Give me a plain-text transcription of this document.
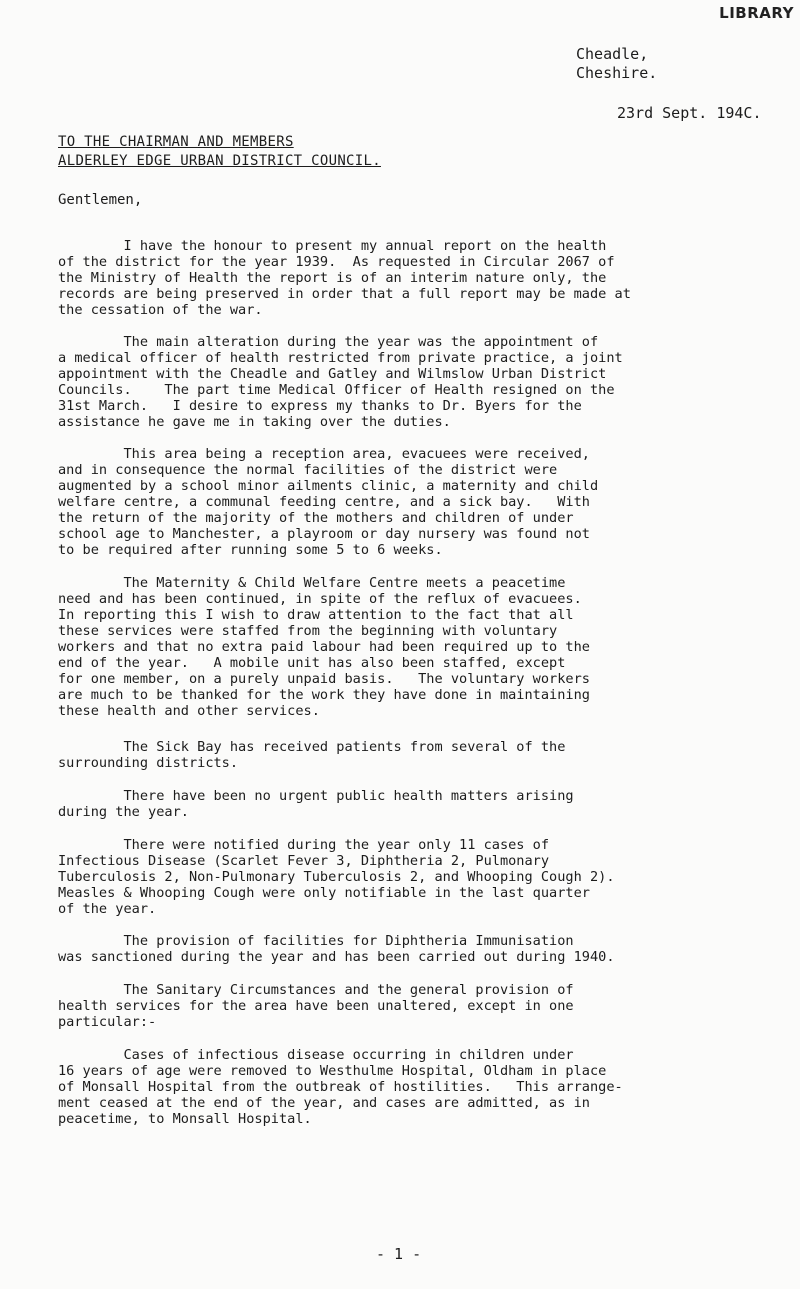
LIBRARY
Cheadle,
Cheshire.
23rd Sept. 194C.
TO THE CHAIRMAN AND MEMBERS
ALDERLEY EDGE URBAN DISTRICT COUNCIL.
Gentlemen,

I have the honour to present my annual report on the health

of the district for the year 1939.  As requested in Circular 2067 of

the Ministry of Health the report is of an interim nature only, the

records are being preserved in order that a full report may be made at

the cessation of the war.

The main alteration during the year was the appointment of

a medical officer of health restricted from private practice, a joint

appointment with the Cheadle and Gatley and Wilmslow Urban District

Councils.    The part time Medical Officer of Health resigned on the

31st March.   I desire to express my thanks to Dr. Byers for the

assistance he gave me in taking over the duties.

This area being a reception area, evacuees were received,

and in consequence the normal facilities of the district were

augmented by a school minor ailments clinic, a maternity and child

welfare centre, a communal feeding centre, and a sick bay.   With

the return of the majority of the mothers and children of under

school age to Manchester, a playroom or day nursery was found not

to be required after running some 5 to 6 weeks.

The Maternity & Child Welfare Centre meets a peacetime

need and has been continued, in spite of the reflux of evacuees.

In reporting this I wish to draw attention to the fact that all

these services were staffed from the beginning with voluntary

workers and that no extra paid labour had been required up to the

end of the year.   A mobile unit has also been staffed, except

for one member, on a purely unpaid basis.   The voluntary workers

are much to be thanked for the work they have done in maintaining

these health and other services.

The Sick Bay has received patients from several of the

surrounding districts.

There have been no urgent public health matters arising

during the year.

There were notified during the year only 11 cases of

Infectious Disease (Scarlet Fever 3, Diphtheria 2, Pulmonary

Tuberculosis 2, Non-Pulmonary Tuberculosis 2, and Whooping Cough 2).

Measles & Whooping Cough were only notifiable in the last quarter

of the year.

The provision of facilities for Diphtheria Immunisation

was sanctioned during the year and has been carried out during 1940.

The Sanitary Circumstances and the general provision of

health services for the area have been unaltered, except in one

particular:-

Cases of infectious disease occurring in children under

16 years of age were removed to Westhulme Hospital, Oldham in place

of Monsall Hospital from the outbreak of hostilities.   This arrange-

ment ceased at the end of the year, and cases are admitted, as in

peacetime, to Monsall Hospital.

- 1 -
